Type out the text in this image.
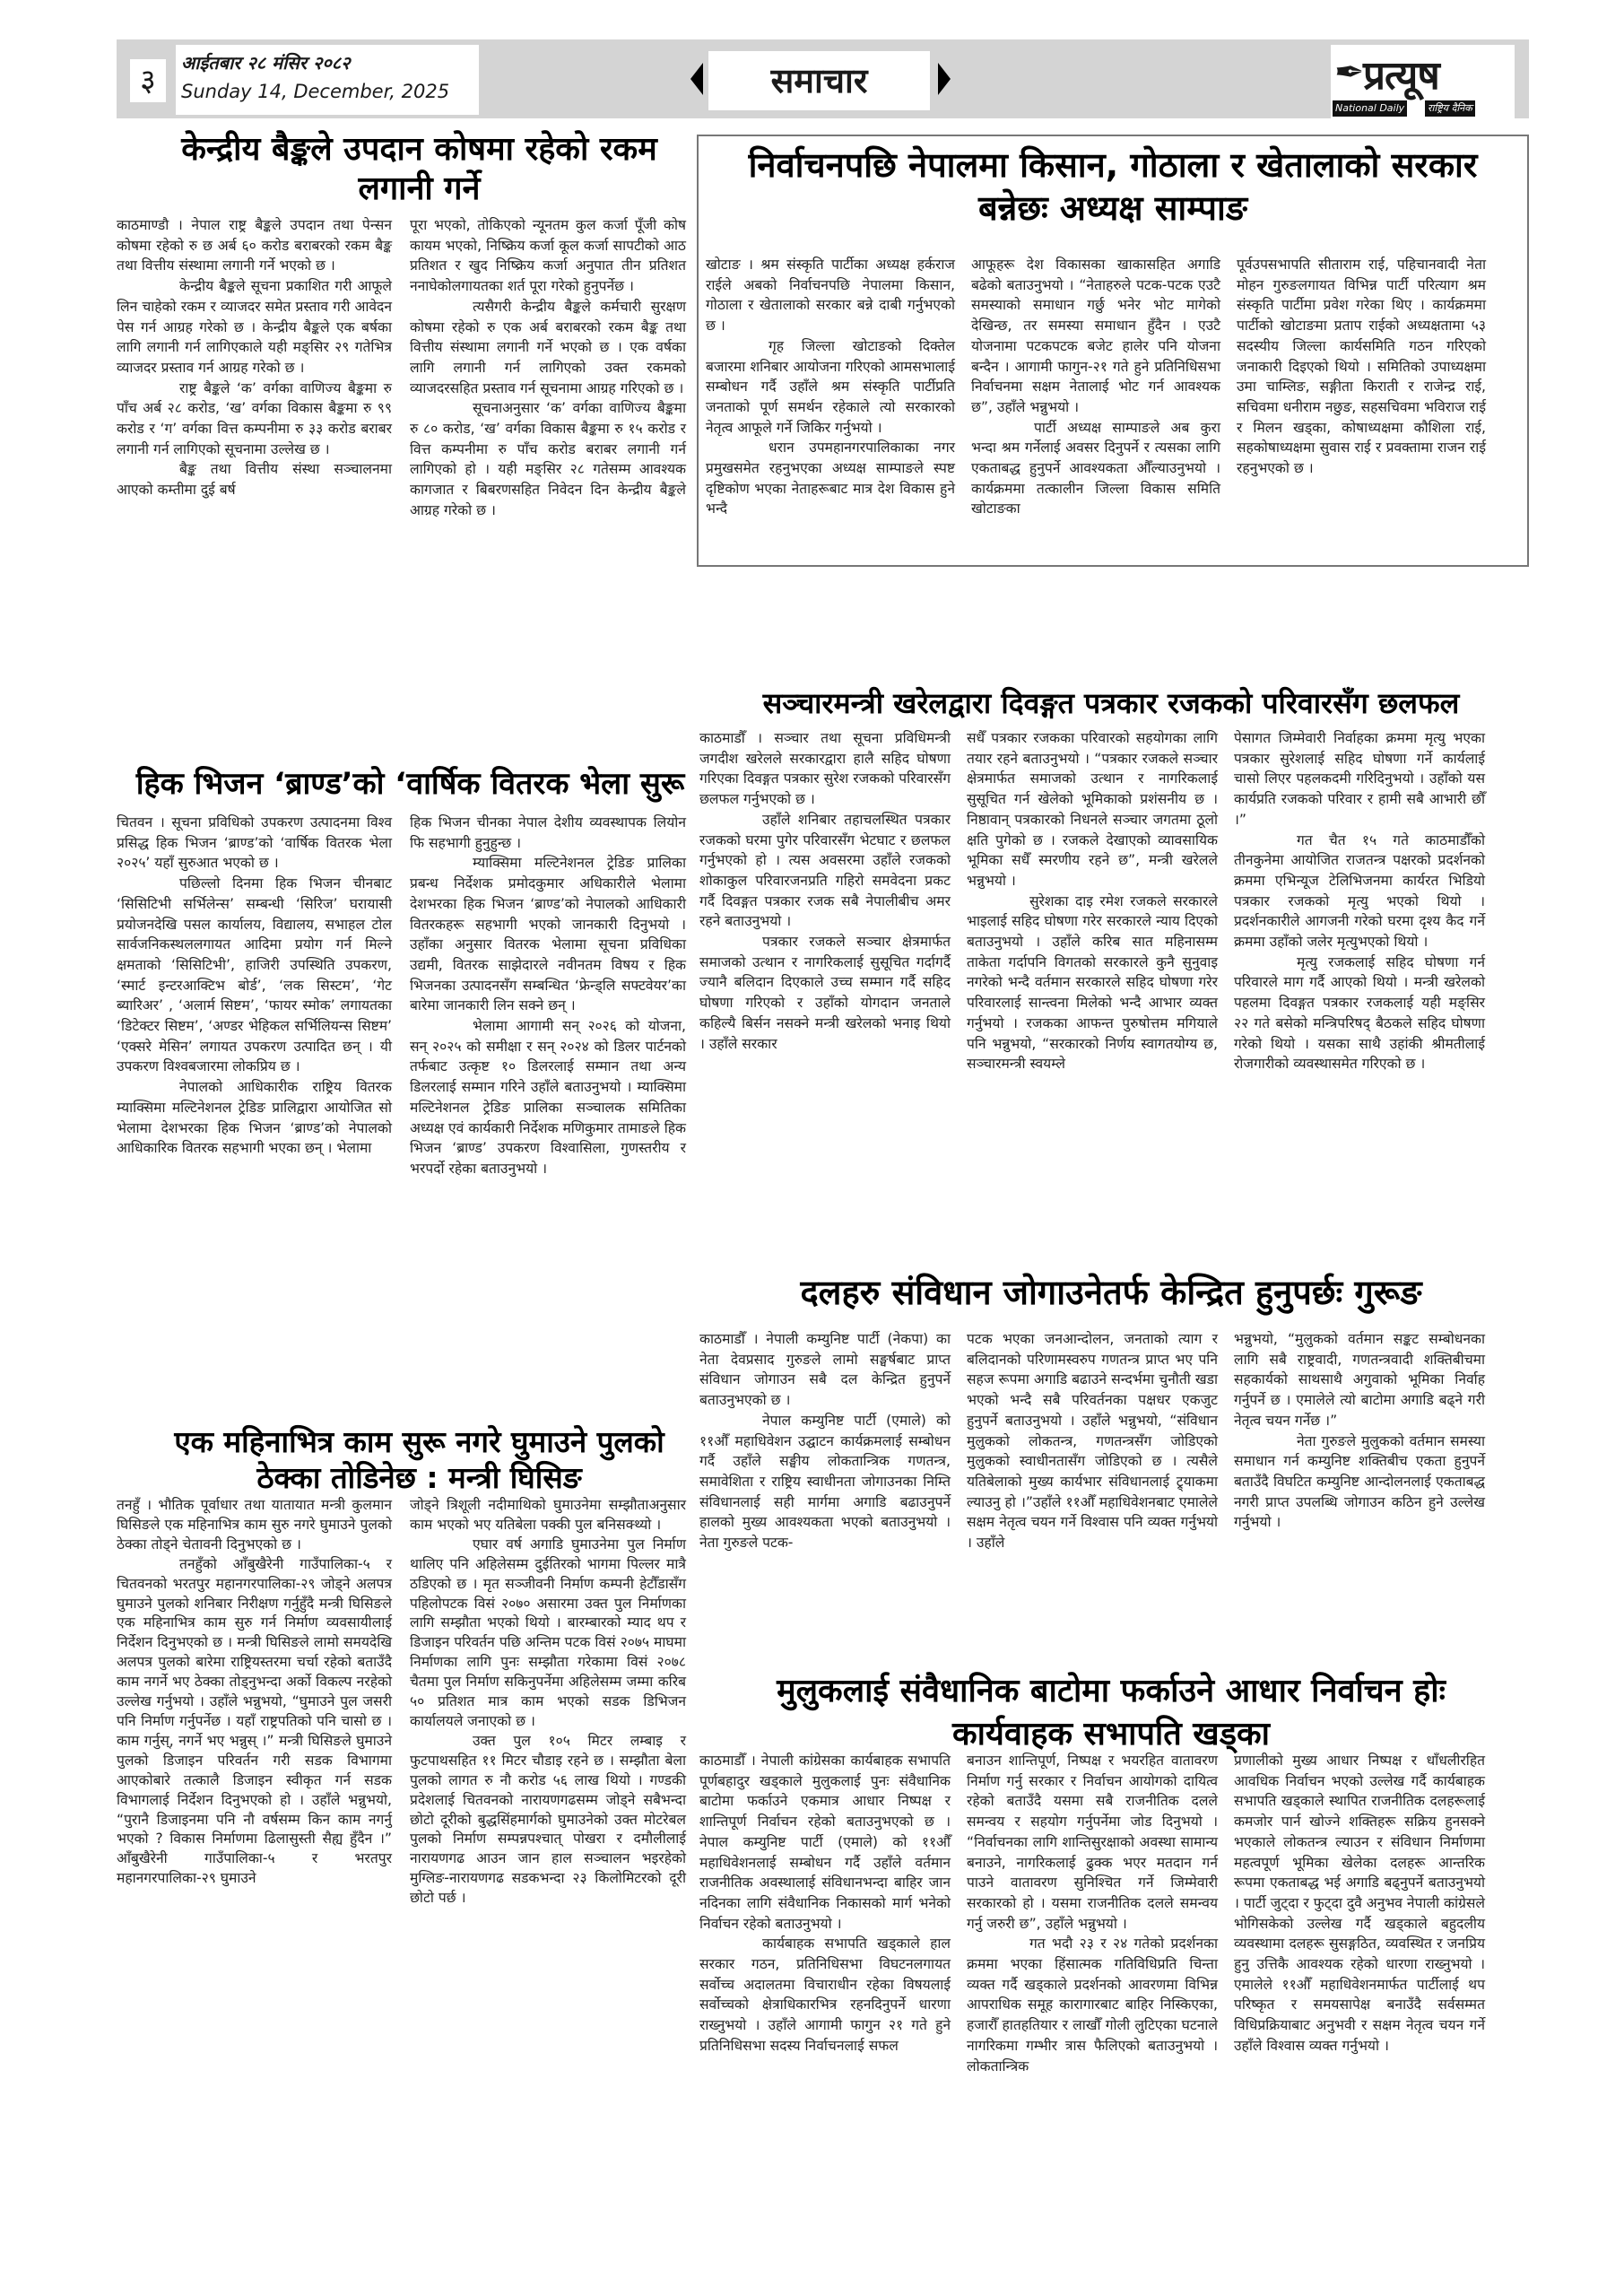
३	आईतबार २८ मंसिर २०८२
Sunday 14, December, 2025	समाचार	✒
प्रत्यूष
National Daily राष्ट्रिय दैनिक
केन्द्रीय बैङ्कले उपदान कोषमा रहेको रकम
लगानी गर्ने

काठमाण्डौ । नेपाल राष्ट्र बैङ्कले उपदान तथा पेन्सन कोषमा रहेको रु छ अर्ब ६० करोड बराबरको रकम बैङ्क तथा वित्तीय संस्थामा लगानी गर्ने भएको छ ।

केन्द्रीय बैङ्कले सूचना प्रकाशित गरी आफूले लिन चाहेको रकम र व्याजदर समेत प्रस्ताव गरी आवेदन पेस गर्न आग्रह गरेको छ । केन्द्रीय बैङ्कले एक बर्षका लागि लगानी गर्न लागिएकाले यही मङ्सिर २९ गतेभित्र व्याजदर प्रस्ताव गर्न आग्रह गरेको छ ।

राष्ट्र बैङ्कले ‘क’ वर्गका वाणिज्य बैङ्कमा रु पाँच अर्ब २८ करोड, ‘ख’ वर्गका विकास बैङ्कमा रु ९९ करोड र ‘ग’ वर्गका वित्त कम्पनीमा रु ३३ करोड बराबर लगानी गर्न लागिएको सूचनामा उल्लेख छ ।

बैङ्क तथा वित्तीय संस्था सञ्चालनमा आएको कम्तीमा दुई बर्ष

पूरा भएको, तोकिएको न्यूनतम कुल कर्जा पूँजी कोष कायम भएको, निष्क्रिय कर्जा कूल कर्जा सापटीको आठ प्रतिशत र खुद निष्क्रिय कर्जा अनुपात तीन प्रतिशत ननाघेकोलगायतका शर्त पूरा गरेको हुनुपर्नेछ ।

त्यसैगरी केन्द्रीय बैङ्कले कर्मचारी सुरक्षण कोषमा रहेको रु एक अर्ब बराबरको रकम बैङ्क तथा वित्तीय संस्थामा लगानी गर्ने भएको छ । एक वर्षका लागि लगानी गर्न लागिएको उक्त रकमको व्याजदरसहित प्रस्ताव गर्न सूचनामा आग्रह गरिएको छ ।

सूचनाअनुसार ‘क’ वर्गका वाणिज्य बैङ्कमा रु ८० करोड, ‘ख’ वर्गका विकास बैङ्कमा रु १५ करोड र वित्त कम्पनीमा रु पाँच करोड बराबर लगानी गर्न लागिएको हो । यही मङ्सिर २८ गतेसम्म आवश्यक कागजात र बिबरणसहित निवेदन दिन केन्द्रीय बैङ्कले आग्रह गरेको छ ।

निर्वाचनपछि नेपालमा किसान, गोठाला र खेतालाको सरकार
बन्नेछः अध्यक्ष साम्पाङ

खोटाङ । श्रम संस्कृति पार्टीका अध्यक्ष हर्कराज राईले अबको निर्वाचनपछि नेपालमा किसान, गोठाला र खेतालाको सरकार बन्ने दाबी गर्नुभएको छ ।

गृह जिल्ला खोटाङको दिक्तेल बजारमा शनिबार आयोजना गरिएको आमसभालाई सम्बोधन गर्दै उहाँले श्रम संस्कृति पार्टीप्रति जनताको पूर्ण समर्थन रहेकाले त्यो सरकारको नेतृत्व आफूले गर्ने जिकिर गर्नुभयो ।

धरान उपमहानगरपालिकाका नगर प्रमुखसमेत रहनुभएका अध्यक्ष साम्पाङले स्पष्ट दृष्टिकोण भएका नेताहरूबाट मात्र देश विकास हुने भन्दै

आफूहरू देश विकासका खाकासहित अगाडि बढेको बताउनुभयो । “नेताहरुले पटक-पटक एउटै समस्याको समाधान गर्छु भनेर भोट मागेको देखिन्छ, तर समस्या समाधान हुँदैन । एउटै योजनामा पटकपटक बजेट हालेर पनि योजना बन्दैन । आगामी फागुन-२१ गते हुने प्रतिनिधिसभा निर्वाचनमा सक्षम नेतालाई भोट गर्न आवश्यक छ”, उहाँले भन्नुभयो ।

पार्टी अध्यक्ष साम्पाङले अब कुरा भन्दा श्रम गर्नेलाई अवसर दिनुपर्ने र त्यसका लागि एकताबद्ध हुनुपर्ने आवश्यकता औँल्याउनुभयो । कार्यक्रममा तत्कालीन जिल्ला विकास समिति खोटाङका

पूर्वउपसभापति सीताराम राई, पहिचानवादी नेता मोहन गुरुङलगायत विभिन्न पार्टी परित्याग श्रम संस्कृति पार्टीमा प्रवेश गरेका थिए । कार्यक्रममा पार्टीको खोटाङमा प्रताप राईको अध्यक्षतामा ५३ सदस्यीय जिल्ला कार्यसमिति गठन गरिएको जनाकारी दिइएको थियो । समितिको उपाध्यक्षमा उमा चाम्लिङ, सङ्गीता किराती र राजेन्द्र राई, सचिवमा धनीराम नछुङ, सहसचिवमा भविराज राई र मिलन खड्का, कोषाध्यक्षमा कौशिला राई, सहकोषाध्यक्षमा सुवास राई र प्रवक्तामा राजन राई रहनुभएको छ ।

हिक भिजन ‘ब्राण्ड’को ‘वार्षिक वितरक भेला सुरू

चितवन । सूचना प्रविधिको उपकरण उत्पादनमा विश्व प्रसिद्ध हिक भिजन ‘ब्राण्ड’को ‘वार्षिक वितरक भेला २०२५’ यहाँ सुरुआत भएको छ ।

पछिल्लो दिनमा हिक भिजन चीनबाट ‘सिसिटिभी सर्भिलेन्स’ सम्बन्धी ‘सिरिज’ घरायासी प्रयोजनदेखि पसल कार्यालय, विद्यालय, सभाहल टोल सार्वजनिकस्थललगायत आदिमा प्रयोग गर्न मिल्ने क्षमताको ‘सिसिटिभी’, हाजिरी उपस्थिति उपकरण, ‘स्मार्ट इन्टरआक्टिभ बोर्ड’, ‘लक सिस्टम’, ‘गेट ब्यारिअर’ , ‘अलार्म सिष्टम’, ‘फायर स्मोक’ लगायतका ‘डिटेक्टर सिष्टम’, ‘अण्डर भेहिकल सर्भिलियन्स सिष्टम’ ‘एक्सरे मेसिन’ लगायत उपकरण उत्पादित छन् । यी उपकरण विश्वबजारमा लोकप्रिय छ ।

नेपालको आधिकारीक राष्ट्रिय वितरक म्याक्सिमा मल्टिनेशनल ट्रेडिङ प्रालिद्वारा आयोजित सो भेलामा देशभरका हिक भिजन ‘ब्राण्ड’को नेपालको आधिकारिक वितरक सहभागी भएका छन् । भेलामा

हिक भिजन चीनका नेपाल देशीय व्यवस्थापक लियोन फि सहभागी हुनुहुन्छ ।

म्याक्सिमा मल्टिनेशनल ट्रेडिङ प्रालिका प्रबन्ध निर्देशक प्रमोदकुमार अधिकारीले भेलामा देशभरका हिक भिजन ‘ब्राण्ड’को नेपालको आधिकारी वितरकहरू सहभागी भएको जानकारी दिनुभयो । उहाँका अनुसार वितरक भेलामा सूचना प्रविधिका उद्यमी, वितरक साझेदारले नवीनतम विषय र हिक भिजनका उत्पादनसँग सम्बन्धित ‘फ्रेन्ड्लि सफ्टवेयर’का बारेमा जानकारी लिन सक्ने छन् ।

भेलामा आगामी सन् २०२६ को योजना, सन् २०२५ को समीक्षा र सन् २०२४ को डिलर पार्टनको तर्फबाट उत्कृष्ट १० डिलरलाई सम्मान तथा अन्य डिलरलाई सम्मान गरिने उहाँले बताउनुभयो । म्याक्सिमा मल्टिनेशनल ट्रेडिङ प्रालिका सञ्चालक समितिका अध्यक्ष एवं कार्यकारी निर्देशक मणिकुमार तामाङले हिक भिजन ‘ब्राण्ड’ उपकरण विश्वासिला, गुणस्तरीय र भरपर्दो रहेका बताउनुभयो ।

सञ्चारमन्त्री खरेलद्वारा दिवङ्गत पत्रकार रजकको परिवारसँग छलफल

काठमाडौँ । सञ्चार तथा सूचना प्रविधिमन्त्री जगदीश खरेलले सरकारद्वारा हालै सहिद घोषणा गरिएका दिवङ्गत पत्रकार सुरेश रजकको परिवारसँग छलफल गर्नुभएको छ ।

उहाँले शनिबार तहाचलस्थित पत्रकार रजकको घरमा पुगेर परिवारसँग भेटघाट र छलफल गर्नुभएको हो । त्यस अवसरमा उहाँले रजकको शोकाकुल परिवारजनप्रति गहिरो समवेदना प्रकट गर्दै दिवङ्गत पत्रकार रजक सबै नेपालीबीच अमर रहने बताउनुभयो ।

पत्रकार रजकले सञ्चार क्षेत्रमार्फत समाजको उत्थान र नागरिकलाई सुसूचित गर्दागर्दै ज्यानै बलिदान दिएकाले उच्च सम्मान गर्दै सहिद घोषणा गरिएको र उहाँको योगदान जनताले कहिल्यै बिर्सन नसक्ने मन्त्री खरेलको भनाइ थियो । उहाँले सरकार

सधैँ पत्रकार रजकका परिवारको सहयोगका लागि तयार रहने बताउनुभयो । “पत्रकार रजकले सञ्चार क्षेत्रमार्फत समाजको उत्थान र नागरिकलाई सुसूचित गर्न खेलेको भूमिकाको प्रशंसनीय छ । निष्ठावान् पत्रकारको निधनले सञ्चार जगतमा ठूलो क्षति पुगेको छ । रजकले देखाएको व्यावसायिक भूमिका सधैँ स्मरणीय रहने छ”, मन्त्री खरेलले भन्नुभयो ।

सुरेशका दाइ रमेश रजकले सरकारले भाइलाई सहिद घोषणा गरेर सरकारले न्याय दिएको बताउनुभयो । उहाँले करिब सात महिनासम्म ताकेता गर्दापनि विगतको सरकारले कुनै सुनुवाइ नगरेको भन्दै वर्तमान सरकारले सहिद घोषणा गरेर परिवारलाई सान्त्वना मिलेको भन्दै आभार व्यक्त गर्नुभयो । रजकका आफन्त पुरुषोत्तम मगियाले पनि भन्नुभयो, “सरकारको निर्णय स्वागतयोग्य छ, सञ्चारमन्त्री स्वयम्ले

पेसागत जिम्मेवारी निर्वाहका क्रममा मृत्यु भएका पत्रकार सुरेशलाई सहिद घोषणा गर्ने कार्यलाई चासो लिएर पहलकदमी गरिदिनुभयो । उहाँको यस कार्यप्रति रजकको परिवार र हामी सबै आभारी छौँ ।”

गत चैत १५ गते काठमाडौँको तीनकुनेमा आयोजित राजतन्त्र पक्षरको प्रदर्शनको क्रममा एभिन्यूज टेलिभिजनमा कार्यरत भिडियो पत्रकार रजकको मृत्यु भएको थियो । प्रदर्शनकारीले आगजनी गरेको घरमा दृश्य कैद गर्ने क्रममा उहाँको जलेर मृत्युभएको थियो ।

मृत्यु रजकलाई सहिद घोषणा गर्न परिवारले माग गर्दै आएको थियो । मन्त्री खरेलको पहलमा दिवङ्गत पत्रकार रजकलाई यही मङ्सिर २२ गते बसेको मन्त्रिपरिषद् बैठकले सहिद घोषणा गरेको थियो । यसका साथै उहांकी श्रीमतीलाई रोजगारीको व्यवस्थासमेत गरिएको छ ।

एक महिनाभित्र काम सुरू नगरे घुमाउने पुलको
ठेक्का तोडिनेछ : मन्त्री घिसिङ

तनहुँ । भौतिक पूर्वाधार तथा यातायात मन्त्री कुलमान घिसिङले एक महिनाभित्र काम सुरु नगरे घुमाउने पुलको ठेक्का तोड्ने चेतावनी दिनुभएको छ ।

तनहुँको आँबुखैरेनी गाउँपालिका-५ र चितवनको भरतपुर महानगरपालिका-२९ जोड्ने अलपत्र घुमाउने पुलको शनिबार निरीक्षण गर्नुहुँदै मन्त्री घिसिङले एक महिनाभित्र काम सुरु गर्न निर्माण व्यवसायीलाई निर्देशन दिनुभएको छ । मन्त्री घिसिङले लामो समयदेखि अलपत्र पुलको बारेमा राष्ट्रियस्तरमा चर्चा रहेको बताउँदै काम नगर्ने भए ठेक्का तोड्नुभन्दा अर्को विकल्प नरहेको उल्लेख गर्नुभयो । उहाँले भन्नुभयो, “घुमाउने पुल जसरी पनि निर्माण गर्नुपर्नेछ । यहाँ राष्ट्रपतिको पनि चासो छ । काम गर्नुस्, नगर्ने भए भन्नुस् ।” मन्त्री घिसिङले घुमाउने पुलको डिजाइन परिवर्तन गरी सडक विभागमा आएकोबारे तत्कालै डिजाइन स्वीकृत गर्न सडक विभागलाई निर्देशन दिनुभएको हो । उहाँले भन्नुभयो, “पुरानै डिजाइनमा पनि नौ वर्षसम्म किन काम नगर्नु भएको ? विकास निर्माणमा ढिलासुस्ती सैह्य हुँदैन ।” आँबुखैरेनी गाउँपालिका-५ र भरतपुर महानगरपालिका-२९ घुमाउने

जोड्ने त्रिशूली नदीमाथिको घुमाउनेमा सम्झौताअनुसार काम भएको भए यतिबेला पक्की पुल बनिसक्थ्यो ।

एघार वर्ष अगाडि घुमाउनेमा पुल निर्माण थालिए पनि अहिलेसम्म दुईतिरको भागमा पिल्लर मात्रै ठडिएको छ । मृत सञ्जीवनी निर्माण कम्पनी हेटौँडासँग पहिलोपटक विसं २०७० असारमा उक्त पुल निर्माणका लागि सम्झौता भएको थियो । बारम्बारको म्याद थप र डिजाइन परिवर्तन पछि अन्तिम पटक विसं २०७५ माघमा निर्माणका लागि पुनः सम्झौता गरेकामा विसं २०७८ चैतमा पुल निर्माण सकिनुपर्नेमा अहिलेसम्म जम्मा करिब ५० प्रतिशत मात्र काम भएको सडक डिभिजन कार्यालयले जनाएको छ ।

उक्त पुल १०५ मिटर लम्बाइ र फुटपाथसहित ११ मिटर चौडाइ रहने छ । सम्झौता बेला पुलको लागत रु नौ करोड ५६ लाख थियो । गण्डकी प्रदेशलाई चितवनको नारायणगढसम्म जोड्ने सबैभन्दा छोटो दूरीको बुद्धसिंहमार्गको घुमाउनेको उक्त मोटरेबल पुलको निर्माण सम्पन्नपश्चात् पोखरा र दमौलीलाई नारायणगढ आउन जान हाल सञ्चालन भइरहेको मुग्लिङ-नारायणगढ सडकभन्दा २३ किलोमिटरको दूरी छोटो पर्छ ।

दलहरु संविधान जोगाउनेतर्फ केन्द्रित हुनुपर्छः गुरूङ

काठमाडौँ । नेपाली कम्युनिष्ट पार्टी (नेकपा) का नेता देवप्रसाद गुरुङले लामो सङ्घर्षबाट प्राप्त संविधान जोगाउन सबै दल केन्द्रित हुनुपर्ने बताउनुभएको छ ।

नेपाल कम्युनिष्ट पार्टी (एमाले) को ११औँ महाधिवेशन उद्घाटन कार्यक्रमलाई सम्बोधन गर्दै उहाँले सङ्घीय लोकतान्त्रिक गणतन्त्र, समावेशिता र राष्ट्रिय स्वाधीनता जोगाउनका निम्ति संविधानलाई सही मार्गमा अगाडि बढाउनुपर्ने हालको मुख्य आवश्यकता भएको बताउनुभयो । नेता गुरुङले पटक-

पटक भएका जनआन्दोलन, जनताको त्याग र बलिदानको परिणामस्वरुप गणतन्त्र प्राप्त भए पनि सहज रूपमा अगाडि बढाउने सन्दर्भमा चुनौती खडा भएको भन्दै सबै परिवर्तनका पक्षधर एकजुट हुनुपर्ने बताउनुभयो । उहाँले भन्नुभयो, “संविधान मुलुकको लोकतन्त्र, गणतन्त्रसँग जोडिएको मुलुकको स्वाधीनतासँग जोडिएको छ । त्यसैले यतिबेलाको मुख्य कार्यभार संविधानलाई ट्र्याकमा ल्याउनु हो ।”उहाँले ११औँ महाधिवेशनबाट एमालेले सक्षम नेतृत्व चयन गर्ने विश्वास पनि व्यक्त गर्नुभयो । उहाँले

भन्नुभयो, “मुलुकको वर्तमान सङ्कट सम्बोधनका लागि सबै राष्ट्रवादी, गणतन्त्रवादी शक्तिबीचमा सहकार्यको साथसाथै अगुवाको भूमिका निर्वाह गर्नुपर्ने छ । एमालेले त्यो बाटोमा अगाडि बढ्ने गरी नेतृत्व चयन गर्नेछ ।”

नेता गुरुङले मुलुकको वर्तमान समस्या समाधान गर्न कम्युनिष्ट शक्तिबीच एकता हुनुपर्ने बताउँदै विघटित कम्युनिष्ट आन्दोलनलाई एकताबद्ध नगरी प्राप्त उपलब्धि जोगाउन कठिन हुने उल्लेख गर्नुभयो ।

मुलुकलाई संवैधानिक बाटोमा फर्काउने आधार निर्वाचन होः
कार्यवाहक सभापति खड्का

काठमाडौँ । नेपाली कांग्रेसका कार्यबाहक सभापति पूर्णबहादुर खड्काले मुलुकलाई पुनः संवैधानिक बाटोमा फर्काउने एकमात्र आधार निष्पक्ष र शान्तिपूर्ण निर्वाचन रहेको बताउनुभएको छ । नेपाल कम्युनिष्ट पार्टी (एमाले) को ११औँ महाधिवेशनलाई सम्बोधन गर्दै उहाँले वर्तमान राजनीतिक अवस्थालाई संविधानभन्दा बाहिर जान नदिनका लागि संवैधानिक निकासको मार्ग भनेको निर्वाचन रहेको बताउनुभयो ।

कार्यबाहक सभापति खड्काले हाल सरकार गठन, प्रतिनिधिसभा विघटनलगायत सर्वोच्च अदालतमा विचाराधीन रहेका विषयलाई सर्वोच्चको क्षेत्राधिकारभित्र रहनदिनुपर्ने धारणा राख्नुभयो । उहाँले आगामी फागुन २१ गते हुने प्रतिनिधिसभा सदस्य निर्वाचनलाई सफल

बनाउन शान्तिपूर्ण, निष्पक्ष र भयरहित वातावरण निर्माण गर्नु सरकार र निर्वाचन आयोगको दायित्व रहेको बताउँदै यसमा सबै राजनीतिक दलले समन्वय र सहयोग गर्नुपर्नेमा जोड दिनुभयो । “निर्वाचनका लागि शान्तिसुरक्षाको अवस्था सामान्य बनाउने, नागरिकलाई ढुक्क भएर मतदान गर्न पाउने वातावरण सुनिश्चित गर्ने जिम्मेवारी सरकारको हो । यसमा राजनीतिक दलले समन्वय गर्नु जरुरी छ”, उहाँले भन्नुभयो ।

गत भदौ २३ र २४ गतेको प्रदर्शनका क्रममा भएका हिंसात्मक गतिविधिप्रति चिन्ता व्यक्त गर्दै खड्काले प्रदर्शनको आवरणमा विभिन्न आपराधिक समूह कारागारबाट बाहिर निस्किएका, हजारौँ हातहतियार र लाखौँ गोली लुटिएका घटनाले नागरिकमा गम्भीर त्रास फैलिएको बताउनुभयो । लोकतान्त्रिक

प्रणालीको मुख्य आधार निष्पक्ष र धाँधलीरहित आवधिक निर्वाचन भएको उल्लेख गर्दै कार्यबाहक सभापति खड्काले स्थापित राजनीतिक दलहरूलाई कमजोर पार्न खोज्ने शक्तिहरू सक्रिय हुनसक्ने भएकाले लोकतन्त्र ल्याउन र संविधान निर्माणमा महत्वपूर्ण भूमिका खेलेका दलहरू आन्तरिक रूपमा एकताबद्ध भई अगाडि बढ्नुपर्ने बताउनुभयो । पार्टी जुट्दा र फुट्दा दुवै अनुभव नेपाली कांग्रेसले भोगिसकेको उल्लेख गर्दै खड्काले बहुदलीय व्यवस्थामा दलहरू सुसङ्गठित, व्यवस्थित र जनप्रिय हुनु उत्तिकै आवश्यक रहेको धारणा राख्नुभयो । एमालेले ११औँ महाधिवेशनमार्फत पार्टीलाई थप परिष्कृत र समयसापेक्ष बनाउँदै सर्वसम्मत विधिप्रक्रियाबाट अनुभवी र सक्षम नेतृत्व चयन गर्ने उहाँले विश्वास व्यक्त गर्नुभयो ।
